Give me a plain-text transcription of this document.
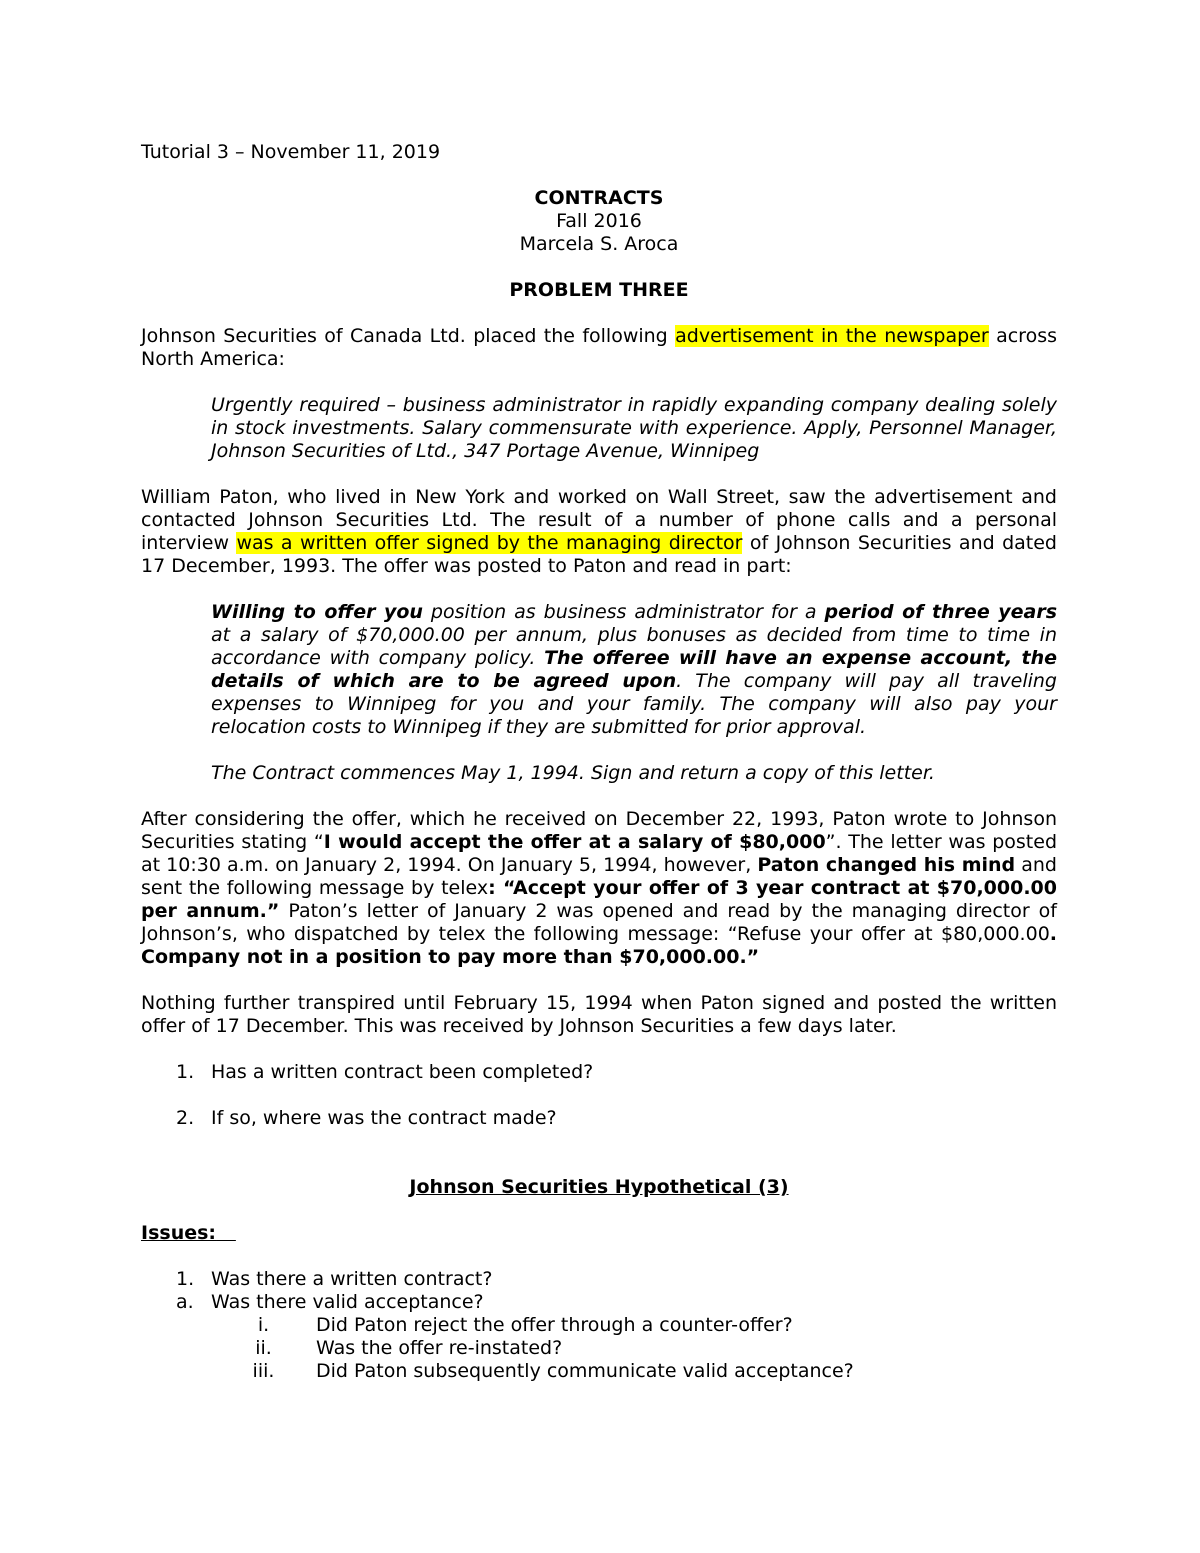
Tutorial 3 – November 11, 2019

CONTRACTS

Fall 2016

Marcela S. Aroca

PROBLEM THREE

Johnson Securities of Canada Ltd. placed the following advertisement in the newspaper across North America:

Urgently required – business administrator in rapidly expanding company dealing solely in stock investments. Salary commensurate with experience. Apply, Personnel Manager, Johnson Securities of Ltd., 347 Portage Avenue, Winnipeg

William Paton, who lived in New York and worked on Wall Street, saw the advertisement and contacted Johnson Securities Ltd. The result of a number of phone calls and a personal interview was a written offer signed by the managing director of Johnson Securities and dated 17 December, 1993. The offer was posted to Paton and read in part:

Willing to offer you position as business administrator for a period of three years at a salary of $70,000.00 per annum, plus bonuses as decided from time to time in accordance with company policy. The offeree will have an expense account, the details of which are to be agreed upon. The company will pay all traveling expenses to Winnipeg for you and your family. The company will also pay your relocation costs to Winnipeg if they are submitted for prior approval.

The Contract commences May 1, 1994. Sign and return a copy of this letter.

After considering the offer, which he received on December 22, 1993, Paton wrote to Johnson Securities stating “I would accept the offer at a salary of $80,000”. The letter was posted at 10:30 a.m. on January 2, 1994. On January 5, 1994, however, Paton changed his mind and sent the following message by telex: “Accept your offer of 3 year contract at $70,000.00 per annum.” Paton’s letter of January 2 was opened and read by the managing director of Johnson’s, who dispatched by telex the following message: “Refuse your offer at $80,000.00. Company not in a position to pay more than $70,000.00.”

Nothing further transpired until February 15, 1994 when Paton signed and posted the written offer of 17 December. This was received by Johnson Securities a few days later.

1. Has a written contract been completed?
2. If so, where was the contract made?

Johnson Securities Hypothetical (3)

Issues:

1. Was there a written contract?
a. Was there valid acceptance?
i.	Did Paton reject the offer through a counter-offer?
ii.	Was the offer re-instated?
iii.	Did Paton subsequently communicate valid acceptance?
